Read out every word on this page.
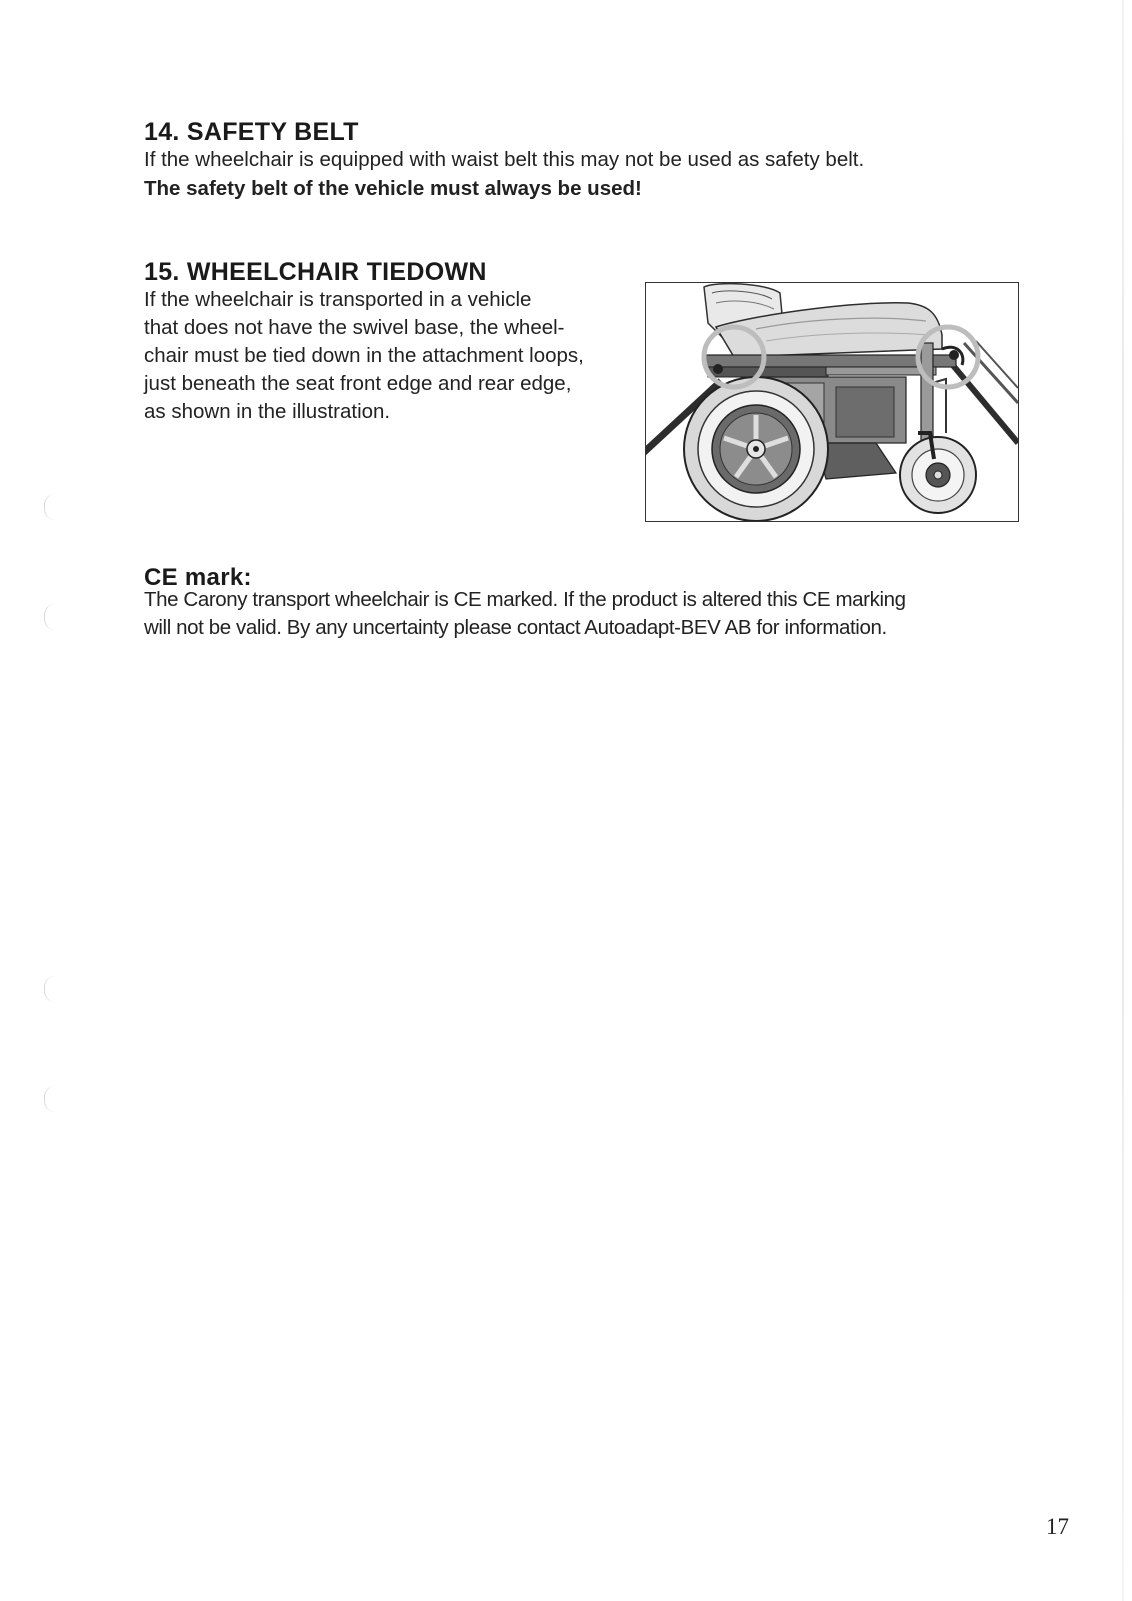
14. SAFETY BELT

If the wheelchair is equipped with waist belt this may not be used as safety belt.

The safety belt of the vehicle must always be used!

15. WHEELCHAIR TIEDOWN
If the wheelchair is transported in a vehicle
that does not have the swivel base, the wheel-
chair must be tied down in the attachment loops,
just beneath the seat front edge and rear edge,
as shown in the illustration.
CE mark:
The Carony transport wheelchair is CE marked. If the product is altered this CE marking
will not be valid. By any uncertainty please contact Autoadapt-BEV AB for information.
17
